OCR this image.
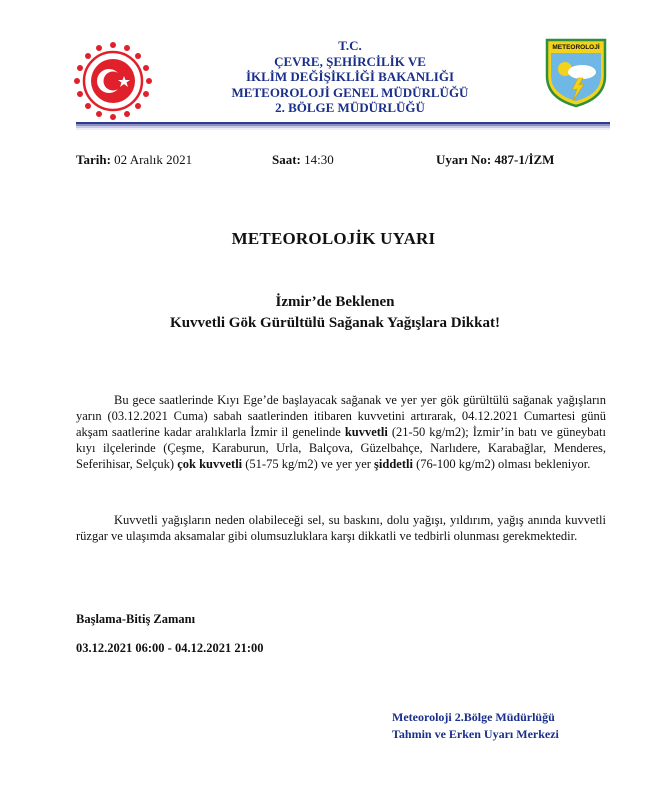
T.C.
ÇEVRE, ŞEHİRCİLİK VE
İKLİM DEĞİŞİKLİĞİ BAKANLIĞI
METEOROLOJİ GENEL MÜDÜRLÜĞÜ
2. BÖLGE MÜDÜRLÜĞÜ
METEOROLOJİ
Tarih: 02 Aralık 2021	Saat: 14:30	Uyarı No: 487-1/İZM
METEOROLOJİK UYARI
İzmir’de Beklenen
Kuvvetli Gök Gürültülü Sağanak Yağışlara Dikkat!

Bu gece saatlerinde Kıyı Ege’de başlayacak sağanak ve yer yer gök gürültülü sağanak yağışların yarın (03.12.2021 Cuma) sabah saatlerinden itibaren kuvvetini artırarak, 04.12.2021 Cumartesi günü akşam saatlerine kadar aralıklarla İzmir il genelinde kuvvetli (21-50 kg/m2); İzmir’in batı ve güneybatı kıyı ilçelerinde (Çeşme, Karaburun, Urla, Balçova, Güzelbahçe, Narlıdere, Karabağlar, Menderes, Seferihisar, Selçuk) çok kuvvetli (51-75 kg/m2) ve yer yer şiddetli (76-100 kg/m2) olması bekleniyor.

Kuvvetli yağışların neden olabileceği sel, su baskını, dolu yağışı, yıldırım, yağış anında kuvvetli rüzgar ve ulaşımda aksamalar gibi olumsuzluklara karşı dikkatli ve tedbirli olunması gerekmektedir.

Başlama-Bitiş Zamanı
03.12.2021 06:00 - 04.12.2021 21:00
Meteoroloji 2.Bölge Müdürlüğü
Tahmin ve Erken Uyarı Merkezi
